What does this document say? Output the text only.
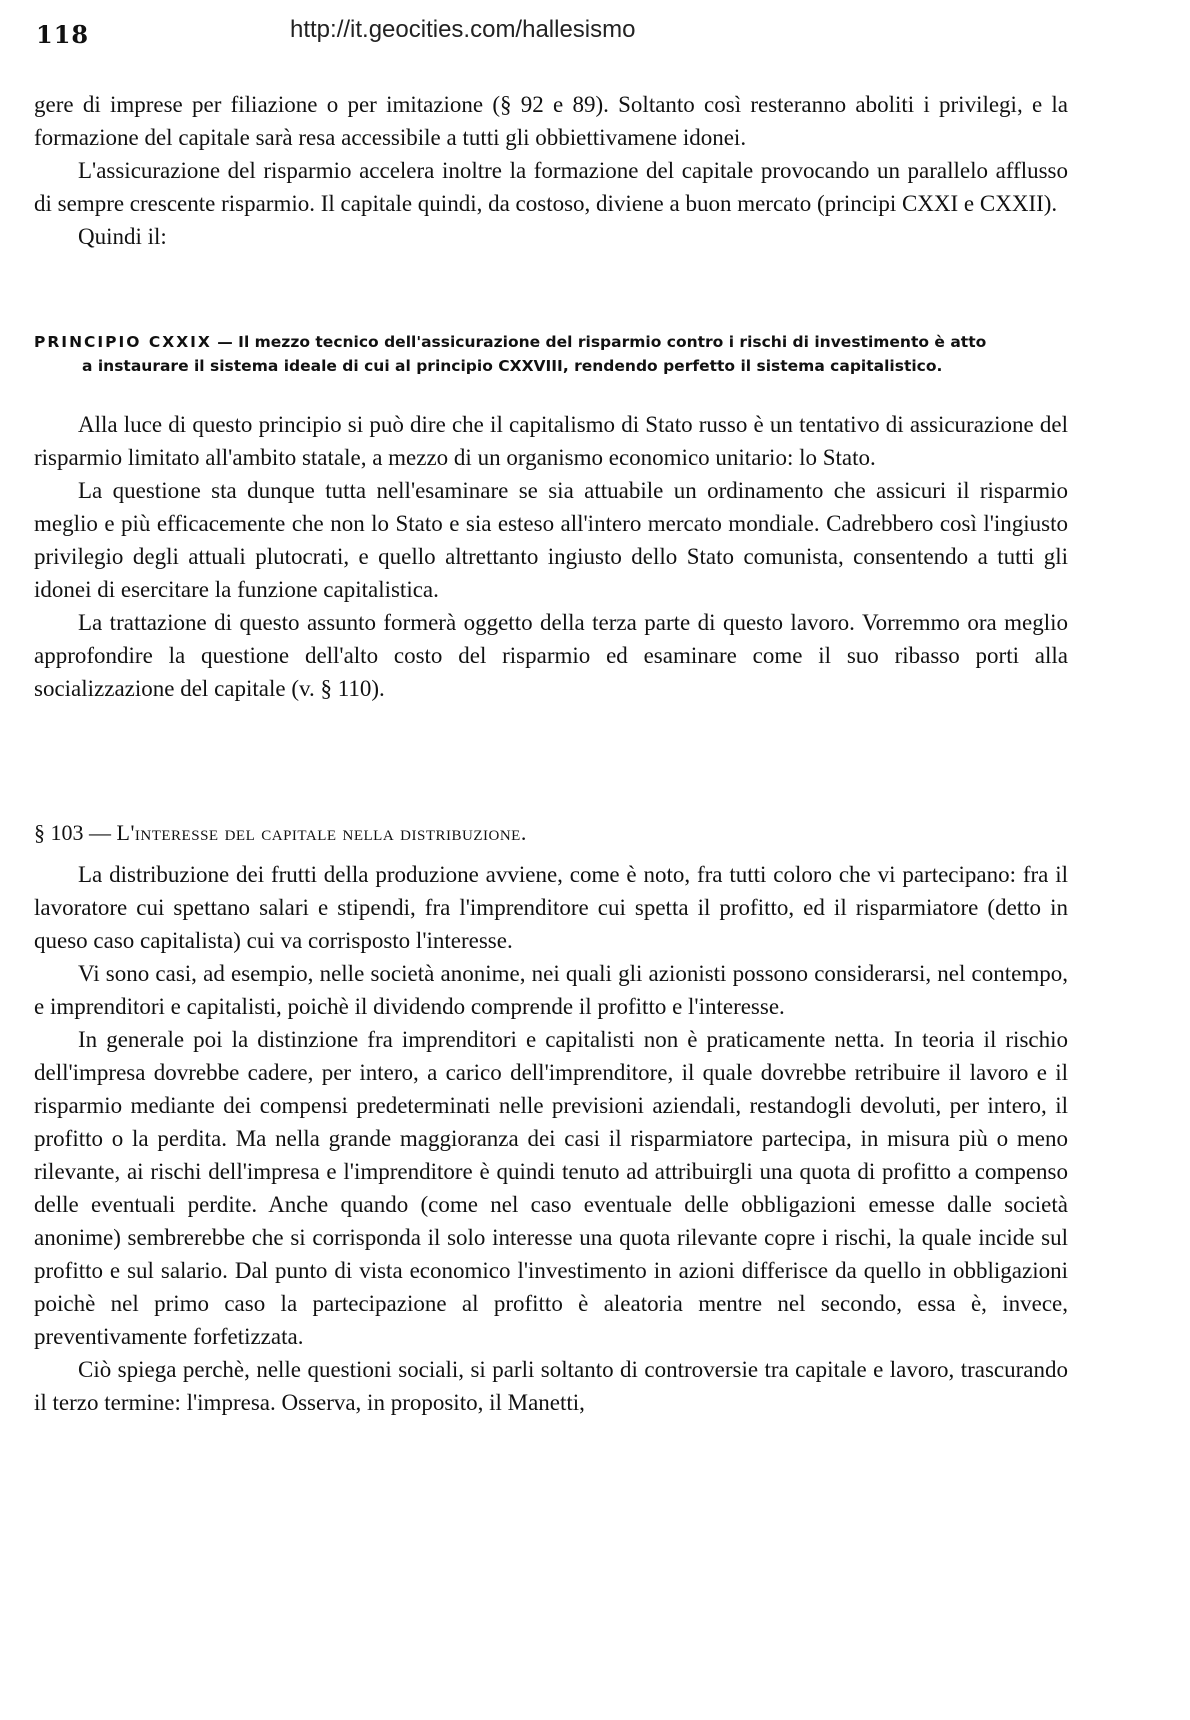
118	http://it.geocities.com/hallesismo

gere di imprese per filiazione o per imitazione (§ 92 e 89). Soltanto così resteranno aboliti i privilegi, e la formazione del capitale sarà resa accessibile a tutti gli obbiettivamene idonei.

L'assicurazione del risparmio accelera inoltre la formazione del capitale provocando un parallelo afflusso di sempre crescente risparmio. Il capitale quindi, da costoso, diviene a buon mercato (principi CXXI e CXXII).

Quindi il:

PRINCIPIO CXXIX — Il mezzo tecnico dell'assicurazione del risparmio contro i rischi di investimento è atto
a instaurare il sistema ideale di cui al principio CXXVIII, rendendo perfetto il sistema capitalistico.

Alla luce di questo principio si può dire che il capitalismo di Stato russo è un tentativo di assicurazione del risparmio limitato all'ambito statale, a mezzo di un organismo economico unitario: lo Stato.

La questione sta dunque tutta nell'esaminare se sia attuabile un ordinamento che assicuri il risparmio meglio e più efficacemente che non lo Stato e sia esteso all'intero mercato mondiale. Cadrebbero così l'ingiusto privilegio degli attuali plutocrati, e quello altrettanto ingiusto dello Stato comunista, consentendo a tutti gli idonei di esercitare la funzione capitalistica.

La trattazione di questo assunto formerà oggetto della terza parte di questo lavoro. Vorremmo ora meglio approfondire la questione dell'alto costo del risparmio ed esaminare come il suo ribasso porti alla socializzazione del capitale (v. § 110).

§ 103 — L'interesse del capitale nella distribuzione.

La distribuzione dei frutti della produzione avviene, come è noto, fra tutti coloro che vi partecipano: fra il lavoratore cui spettano salari e stipendi, fra l'imprenditore cui spetta il profitto, ed il risparmiatore (detto in queso caso capitalista) cui va corrisposto l'interesse.

Vi sono casi, ad esempio, nelle società anonime, nei quali gli azionisti possono considerarsi, nel contempo, e imprenditori e capitalisti, poichè il dividendo comprende il profitto e l'interesse.

In generale poi la distinzione fra imprenditori e capitalisti non è praticamente netta. In teoria il rischio dell'impresa dovrebbe cadere, per intero, a carico dell'imprenditore, il quale dovrebbe retribuire il lavoro e il risparmio mediante dei compensi predeterminati nelle previsioni aziendali, restandogli devoluti, per intero, il profitto o la perdita. Ma nella grande maggioranza dei casi il risparmiatore partecipa, in misura più o meno rilevante, ai rischi dell'impresa e l'imprenditore è quindi tenuto ad attribuirgli una quota di profitto a compenso delle eventuali perdite. Anche quando (come nel caso eventuale delle obbligazioni emesse dalle società anonime) sembrerebbe che si corrisponda il solo interesse una quota rilevante copre i rischi, la quale incide sul profitto e sul salario. Dal punto di vista economico l'investimento in azioni differisce da quello in obbligazioni poichè nel primo caso la partecipazione al profitto è aleatoria mentre nel secondo, essa è, invece, preventivamente forfetizzata.

Ciò spiega perchè, nelle questioni sociali, si parli soltanto di controversie tra capitale e lavoro, trascurando il terzo termine: l'impresa. Osserva, in proposito, il Manetti,
